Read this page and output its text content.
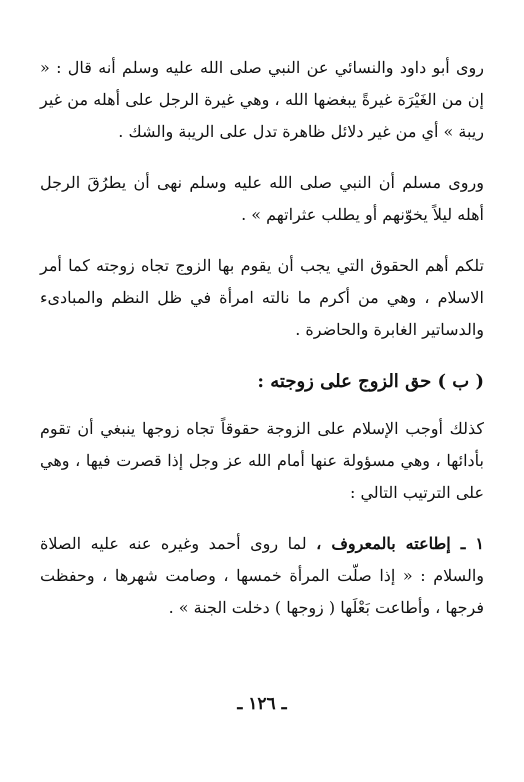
روى أبو داود والنسائي عن النبي صلى الله عليه وسلم أنه قال : « إن من الغَيْرَة غيرةً يبغضها الله ، وهي غيرة الرجل على أهله من غير ريبة » أي من غير دلائل ظاهرة تدل على الريبة والشك .

وروى مسلم أن النبي صلى الله عليه وسلم نهى أن يطرُقَ الرجل أهله ليلاً يخوّنهم أو يطلب عثراتهم » .

تلكم أهم الحقوق التي يجب أن يقوم بها الزوج تجاه زوجته كما أمر الاسلام ، وهي من أكرم ما نالته امرأة في ظل النظم والمبادىء والدساتير الغابرة والحاضرة .

( ب ) حق الزوج على زوجته :

كذلك أوجب الإسلام على الزوجة حقوقاً تجاه زوجها ينبغي أن تقوم بأدائها ، وهي مسؤولة عنها أمام الله عز وجل إذا قصرت فيها ، وهي على الترتيب التالي :

١ ـ إطاعته بالمعروف ، لما روى أحمد وغيره عنه عليه الصلاة والسلام : « إذا صلّت المرأة خمسها ، وصامت شهرها ، وحفظت فرجها ، وأطاعت بَعْلَها ( زوجها ) دخلت الجنة » .

ـ ١٢٦ ـ
